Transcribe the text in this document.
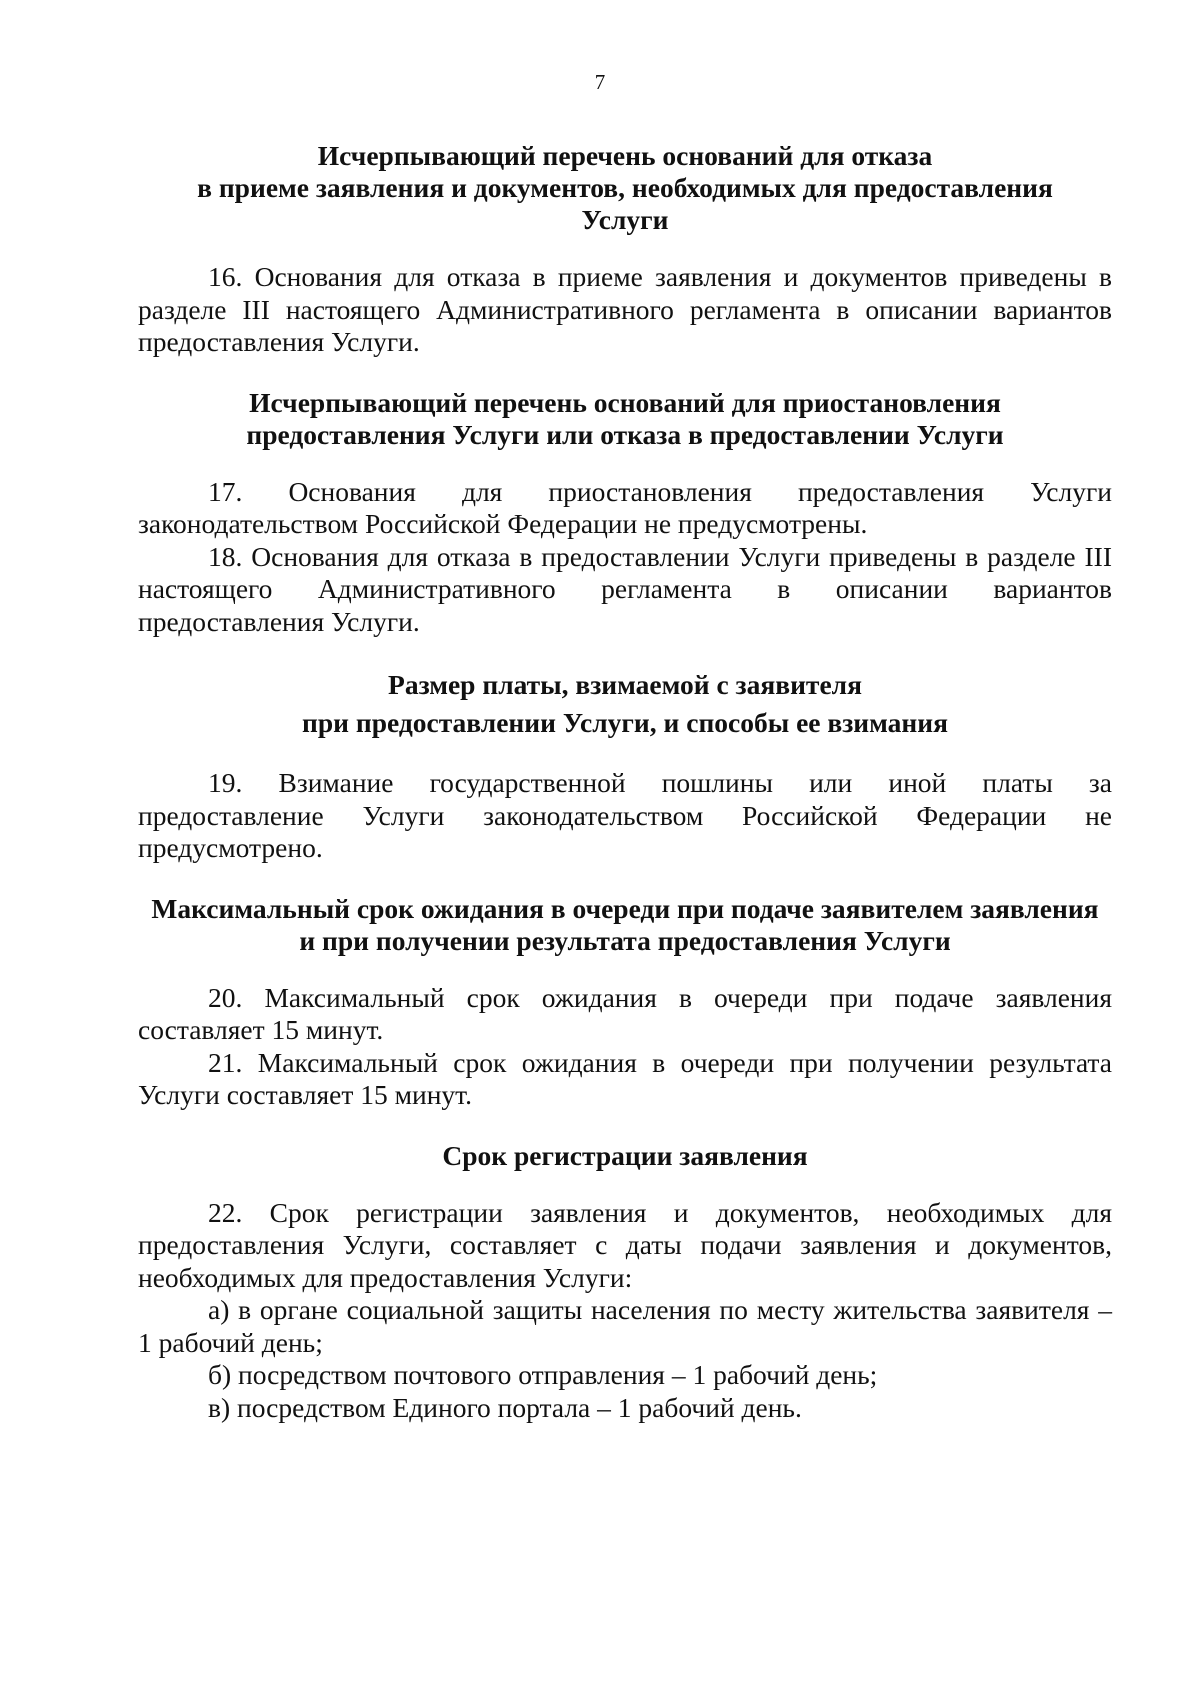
7
Исчерпывающий перечень оснований для отказа
в приеме заявления и документов, необходимых для предоставления
Услуги

16. Основания для отказа в приеме заявления и документов приведены в
разделе III настоящего Административного регламента в описании вариантов
предоставления Услуги.

Исчерпывающий перечень оснований для приостановления
предоставления Услуги или отказа в предоставлении Услуги

17. Основания для приостановления предоставления Услуги
законодательством Российской Федерации не предусмотрены.

18. Основания для отказа в предоставлении Услуги приведены в разделе III
настоящего Административного регламента в описании вариантов
предоставления Услуги.

Размер платы, взимаемой с заявителя
при предоставлении Услуги, и способы ее взимания

19. Взимание государственной пошлины или иной платы за
предоставление Услуги законодательством Российской Федерации не
предусмотрено.

Максимальный срок ожидания в очереди при подаче заявителем заявления
и при получении результата предоставления Услуги

20. Максимальный срок ожидания в очереди при подаче заявления
составляет 15 минут.

21. Максимальный срок ожидания в очереди при получении результата
Услуги составляет 15 минут.

Срок регистрации заявления

22. Срок регистрации заявления и документов, необходимых для
предоставления Услуги, составляет с даты подачи заявления и документов,
необходимых для предоставления Услуги:

а) в органе социальной защиты населения по месту жительства заявителя –
1 рабочий день;

б) посредством почтового отправления – 1 рабочий день;

в) посредством Единого портала – 1 рабочий день.
